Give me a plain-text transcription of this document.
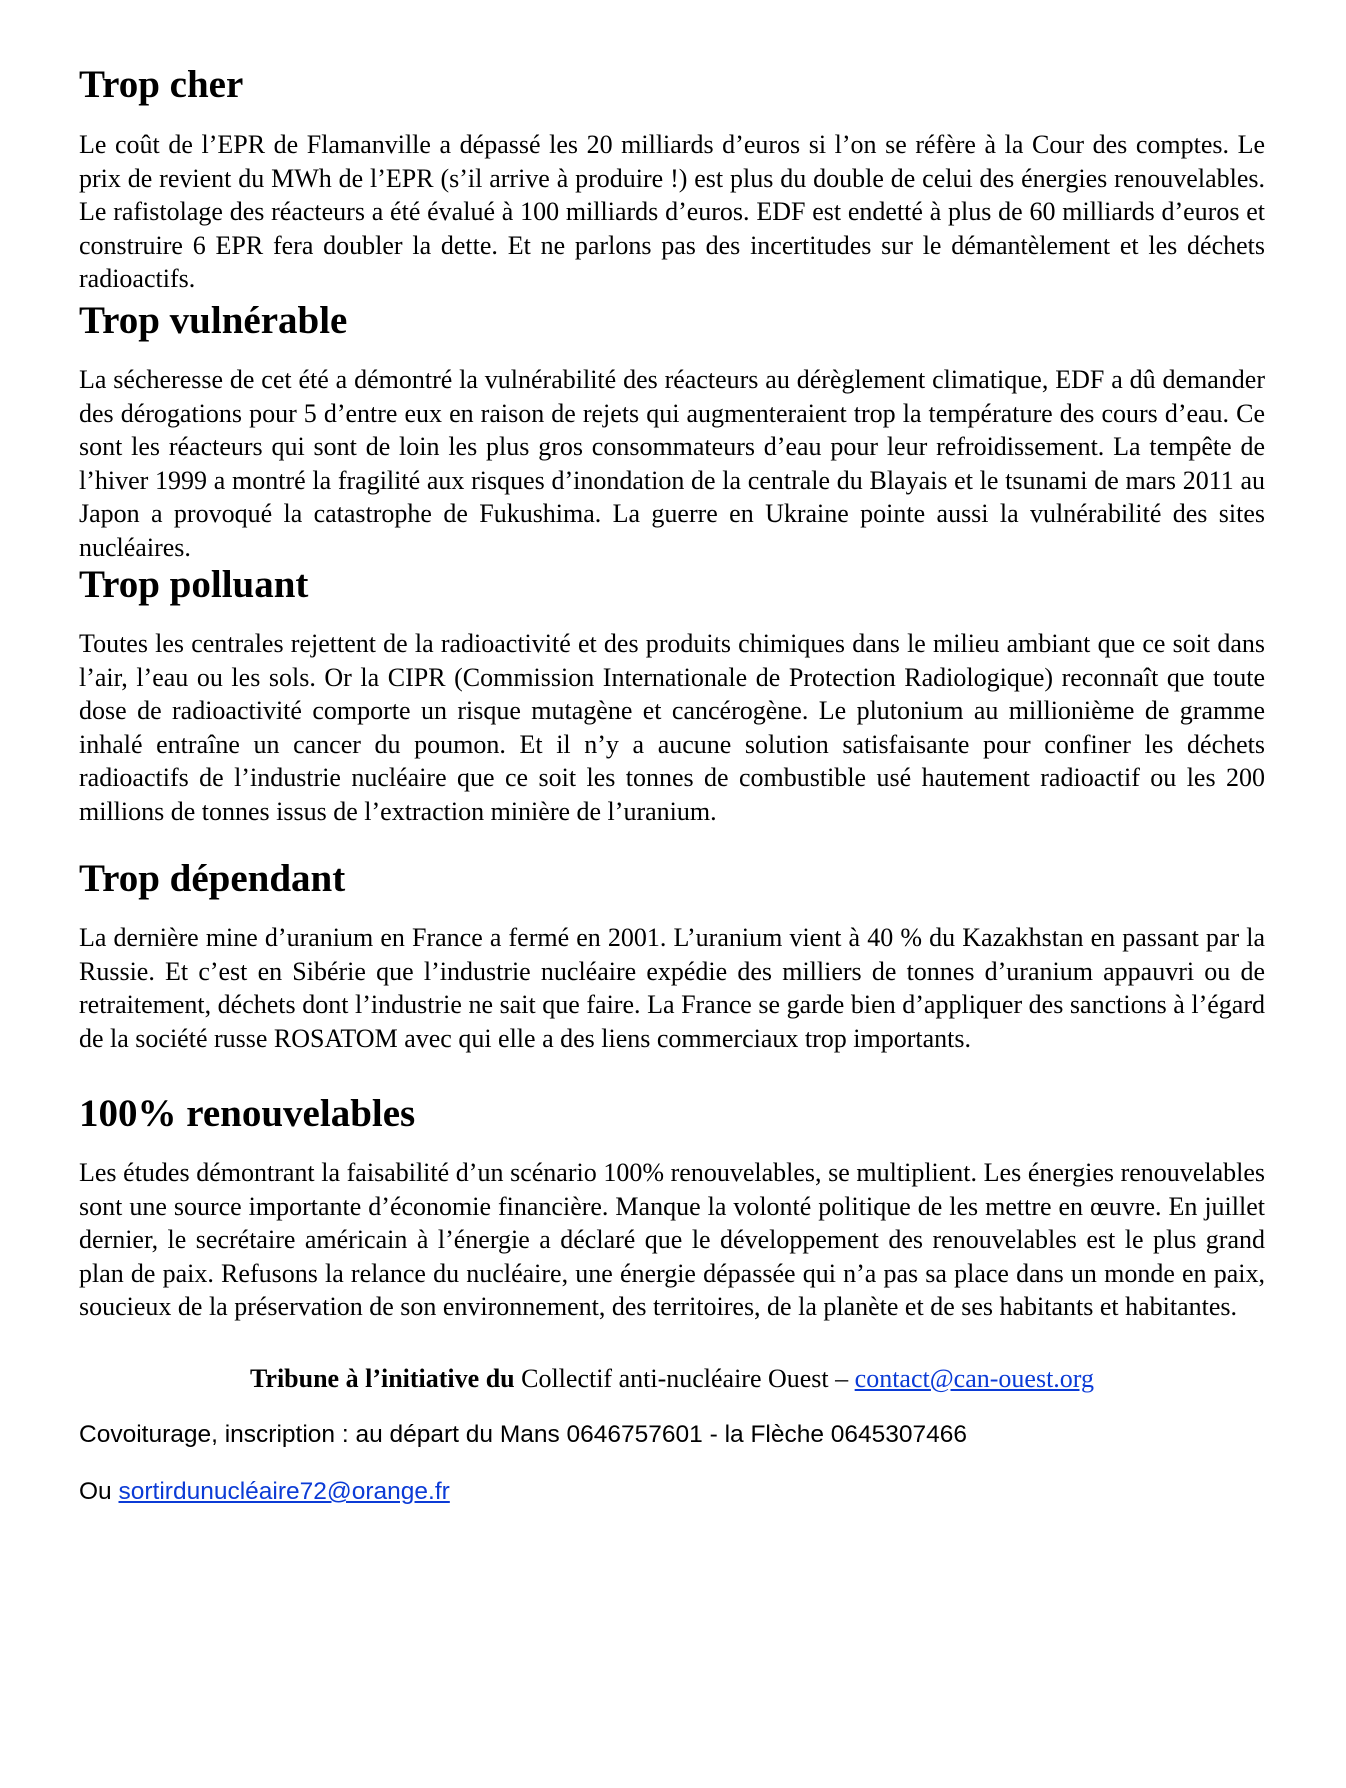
Trop cher

Le coût de l’EPR de Flamanville a dépassé les 20 milliards d’euros si l’on se réfère à la Cour des comptes. Le prix de revient du MWh de l’EPR (s’il arrive à produire !) est plus du double de celui des énergies renouvelables. Le rafistolage des réacteurs a été évalué à 100 milliards d’euros. EDF est endetté à plus de 60 milliards d’euros et construire 6 EPR fera doubler la dette. Et ne parlons pas des incertitudes sur le démantèlement et les déchets radioactifs.

Trop vulnérable

La sécheresse de cet été a démontré la vulnérabilité des réacteurs au dérèglement climatique, EDF a dû demander des dérogations pour 5 d’entre eux en raison de rejets qui augmenteraient trop la température des cours d’eau. Ce sont les réacteurs qui sont de loin les plus gros consommateurs d’eau pour leur refroidissement. La tempête de l’hiver 1999 a montré la fragilité aux risques d’inondation de la centrale du Blayais et le tsunami de mars 2011 au Japon a provoqué la catastrophe de Fukushima. La guerre en Ukraine pointe aussi la vulnérabilité des sites nucléaires.

Trop polluant

Toutes les centrales rejettent de la radioactivité et des produits chimiques dans le milieu ambiant que ce soit dans l’air, l’eau ou les sols. Or la CIPR (Commission Internationale de Protection Radiologique) reconnaît que toute dose de radioactivité comporte un risque mutagène et cancérogène. Le plutonium au millionième de gramme inhalé entraîne un cancer du poumon. Et il n’y a aucune solution satisfaisante pour confiner les déchets radioactifs de l’industrie nucléaire que ce soit les tonnes de combustible usé hautement radioactif ou les 200 millions de tonnes issus de l’extraction minière de l’uranium.

Trop dépendant

La dernière mine d’uranium en France a fermé en 2001. L’uranium vient à 40 % du Kazakhstan en passant par la Russie. Et c’est en Sibérie que l’industrie nucléaire expédie des milliers de tonnes d’uranium appauvri ou de retraitement, déchets dont l’industrie ne sait que faire. La France se garde bien d’appliquer des sanctions à l’égard de la société russe ROSATOM avec qui elle a des liens commerciaux trop importants.

100% renouvelables

Les études démontrant la faisabilité d’un scénario 100% renouvelables, se multiplient. Les énergies renouvelables sont une source importante d’économie financière. Manque la volonté politique de les mettre en œuvre. En juillet dernier, le secrétaire américain à l’énergie a déclaré que le développement des renouvelables est le plus grand plan de paix. Refusons la relance du nucléaire, une énergie dépassée qui n’a pas sa place dans un monde en paix, soucieux de la préservation de son environnement, des territoires, de la planète et de ses habitants et habitantes.

Tribune à l’initiative du Collectif anti-nucléaire Ouest – contact@can-ouest.org
Covoiturage, inscription : au départ du Mans 0646757601 - la Flèche 0645307466
Ou sortirdunucléaire72@orange.fr
